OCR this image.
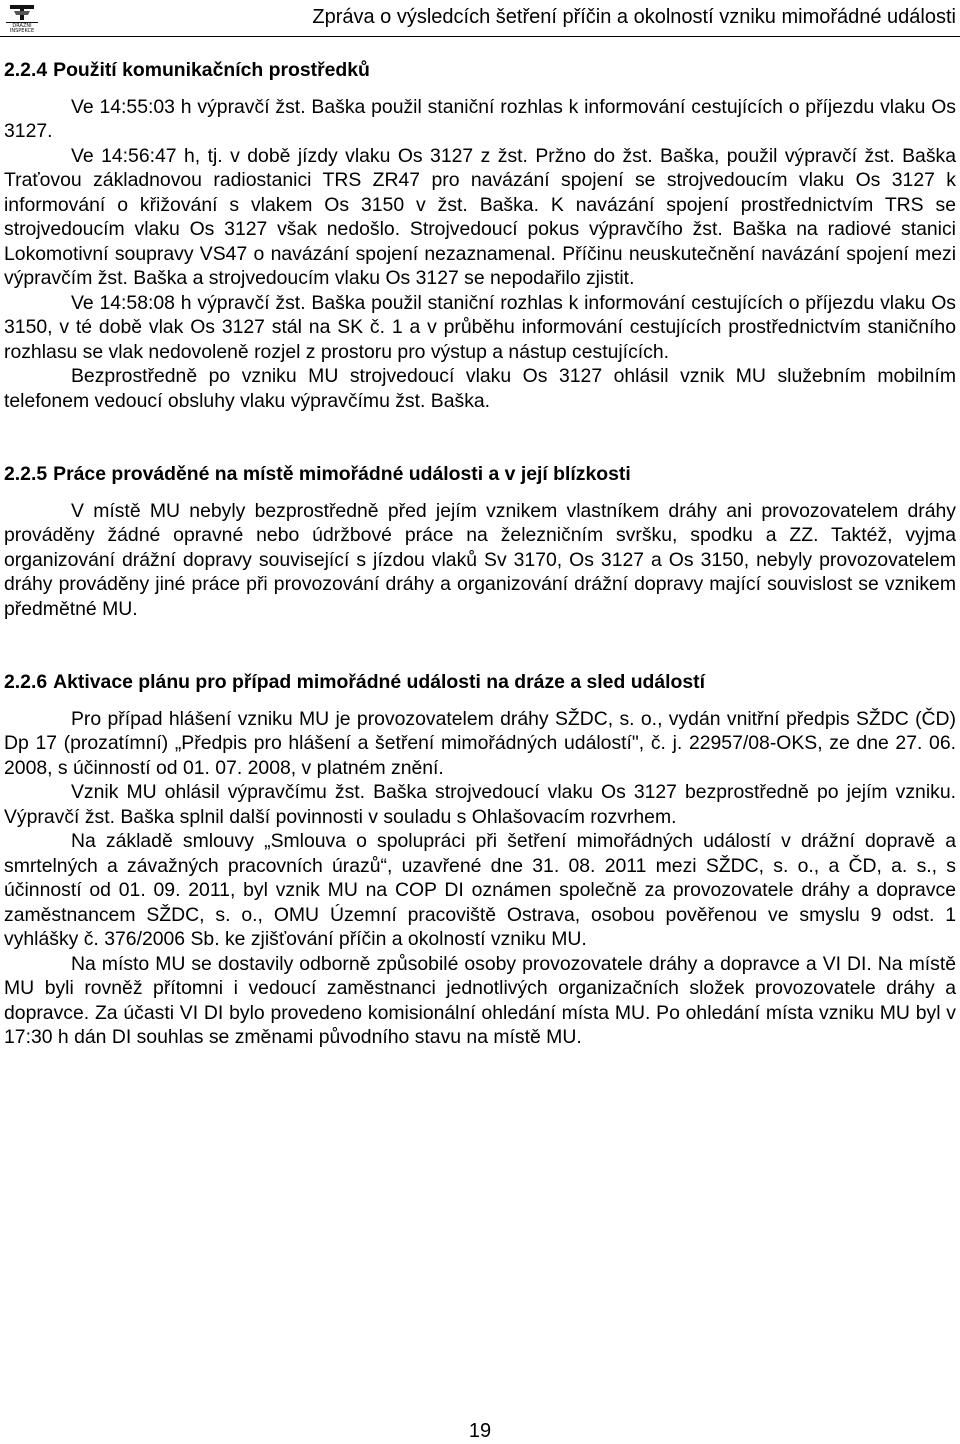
DRÁŽNÍ
INSPEKCE
Zpráva o výsledcích šetření příčin a okolností vzniku mimořádné události
2.2.4 Použití komunikačních prostředků

Ve 14:55:03 h výpravčí žst. Baška použil staniční rozhlas k informování cestujících o příjezdu vlaku Os 3127.

Ve 14:56:47 h, tj. v době jízdy vlaku Os 3127 z žst. Pržno do žst. Baška, použil výpravčí žst. Baška Traťovou základnovou radiostanici TRS ZR47 pro navázání spojení se strojvedoucím vlaku Os 3127 k informování o křižování s vlakem Os 3150 v žst. Baška. K navázání spojení prostřednictvím TRS se strojvedoucím vlaku Os 3127 však nedošlo. Strojvedoucí pokus výpravčího žst. Baška na radiové stanici Lokomotivní soupravy VS47 o navázání spojení nezaznamenal. Příčinu neuskutečnění navázání spojení mezi výpravčím žst. Baška a strojvedoucím vlaku Os 3127 se nepodařilo zjistit.

Ve 14:58:08 h výpravčí žst. Baška použil staniční rozhlas k informování cestujících o příjezdu vlaku Os 3150, v té době vlak Os 3127 stál na SK č. 1 a v průběhu informování cestujících prostřednictvím staničního rozhlasu se vlak nedovoleně rozjel z prostoru pro výstup a nástup cestujících.

Bezprostředně po vzniku MU strojvedoucí vlaku Os 3127 ohlásil vznik MU služebním mobilním telefonem vedoucí obsluhy vlaku výpravčímu žst. Baška.

2.2.5 Práce prováděné na místě mimořádné události a v její blízkosti

V místě MU nebyly bezprostředně před jejím vznikem vlastníkem dráhy ani provozovatelem dráhy prováděny žádné opravné nebo údržbové práce na železničním svršku, spodku a ZZ. Taktéž, vyjma organizování drážní dopravy související s jízdou vlaků Sv 3170, Os 3127 a Os 3150, nebyly provozovatelem dráhy prováděny jiné práce při provozování dráhy a organizování drážní dopravy mající souvislost se vznikem předmětné MU.

2.2.6 Aktivace plánu pro případ mimořádné události na dráze a sled událostí

Pro případ hlášení vzniku MU je provozovatelem dráhy SŽDC, s. o., vydán vnitřní předpis SŽDC (ČD) Dp 17 (prozatímní) „Předpis pro hlášení a šetření mimořádných událostí", č. j. 22957/08-OKS, ze dne 27. 06. 2008, s účinností od 01. 07. 2008, v platném znění.

Vznik MU ohlásil výpravčímu žst. Baška strojvedoucí vlaku Os 3127 bezprostředně po jejím vzniku. Výpravčí žst. Baška splnil další povinnosti v souladu s Ohlašovacím rozvrhem.

Na základě smlouvy „Smlouva o spolupráci při šetření mimořádných událostí v drážní dopravě a smrtelných a závažných pracovních úrazů“, uzavřené dne 31. 08. 2011 mezi SŽDC, s. o., a ČD, a. s., s účinností od 01. 09. 2011, byl vznik MU na COP DI oznámen společně za provozovatele dráhy a dopravce zaměstnancem SŽDC, s. o., OMU Územní pracoviště Ostrava, osobou pověřenou ve smyslu 9 odst. 1 vyhlášky č. 376/2006 Sb. ke zjišťování příčin a okolností vzniku MU.

Na místo MU se dostavily odborně způsobilé osoby provozovatele dráhy a dopravce a VI DI. Na místě MU byli rovněž přítomni i vedoucí zaměstnanci jednotlivých organizačních složek provozovatele dráhy a dopravce. Za účasti VI DI bylo provedeno komisionální ohledání místa MU. Po ohledání místa vzniku MU byl v 17:30 h dán DI souhlas se změnami původního stavu na místě MU.

19
